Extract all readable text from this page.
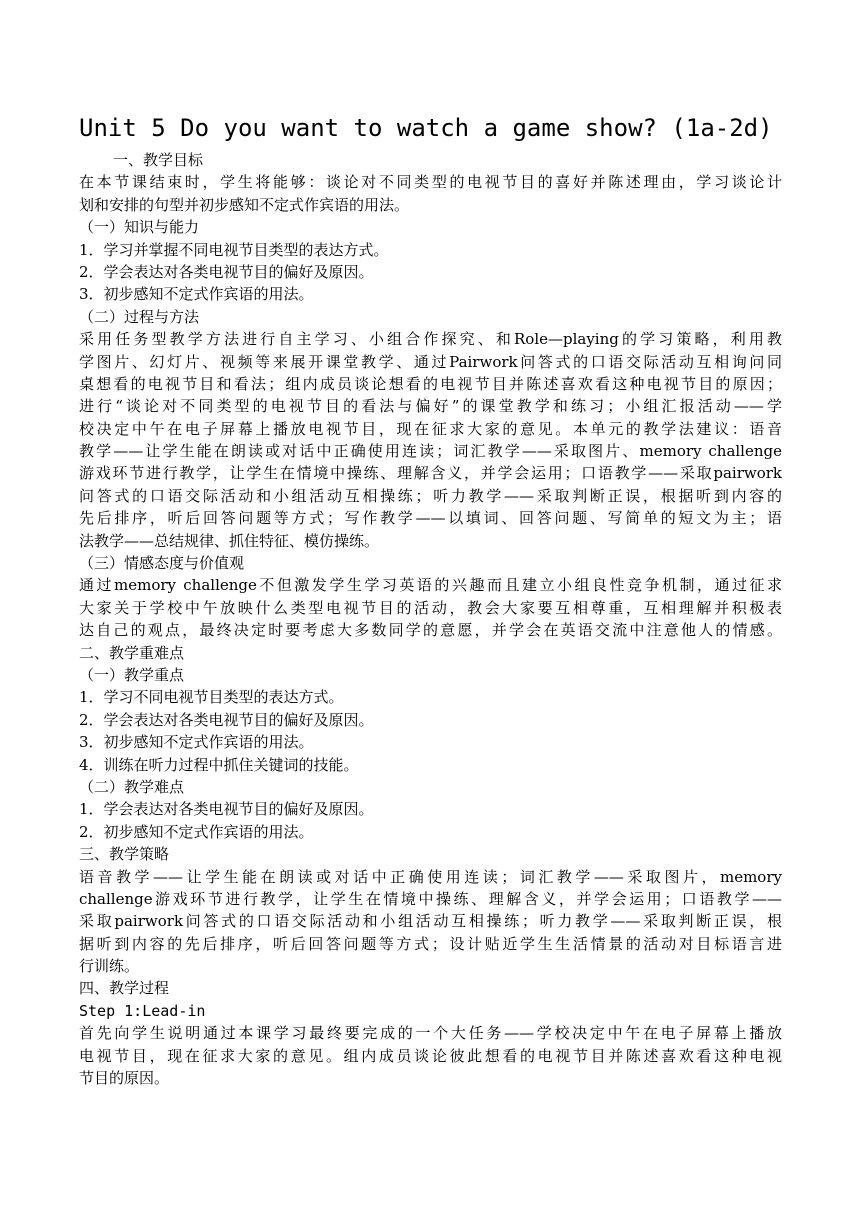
Unit 5 Do you want to watch a game show? (1a-2d)
一、教学目标
在本节课结束时，学生将能够：谈论对不同类型的电视节目的喜好并陈述理由，学习谈论计
划和安排的句型并初步感知不定式作宾语的用法。
（一）知识与能力
1．学习并掌握不同电视节目类型的表达方式。
2．学会表达对各类电视节目的偏好及原因。
3．初步感知不定式作宾语的用法。
（二）过程与方法
采用任务型教学方法进行自主学习、小组合作探究、和Role—playing的学习策略，利用教
学图片、幻灯片、视频等来展开课堂教学、通过Pairwork问答式的口语交际活动互相询问同
桌想看的电视节目和看法；组内成员谈论想看的电视节目并陈述喜欢看这种电视节目的原因；
进行“谈论对不同类型的电视节目的看法与偏好”的课堂教学和练习；小组汇报活动——学
校决定中午在电子屏幕上播放电视节目，现在征求大家的意见。本单元的教学法建议：语音
教学——让学生能在朗读或对话中正确使用连读；词汇教学——采取图片、memory challenge
游戏环节进行教学，让学生在情境中操练、理解含义，并学会运用；口语教学——采取pairwork
问答式的口语交际活动和小组活动互相操练；听力教学——采取判断正误，根据听到内容的
先后排序，听后回答问题等方式；写作教学——以填词、回答问题、写简单的短文为主；语
法教学——总结规律、抓住特征、模仿操练。
（三）情感态度与价值观
通过memory challenge不但激发学生学习英语的兴趣而且建立小组良性竞争机制，通过征求
大家关于学校中午放映什么类型电视节目的活动，教会大家要互相尊重，互相理解并积极表
达自己的观点，最终决定时要考虑大多数同学的意愿，并学会在英语交流中注意他人的情感。
二、教学重难点
（一）教学重点
1．学习不同电视节目类型的表达方式。
2．学会表达对各类电视节目的偏好及原因。
3．初步感知不定式作宾语的用法。
4．训练在听力过程中抓住关键词的技能。
（二）教学难点
1．学会表达对各类电视节目的偏好及原因。
2．初步感知不定式作宾语的用法。
三、教学策略
语音教学——让学生能在朗读或对话中正确使用连读；词汇教学——采取图片，memory
challenge游戏环节进行教学，让学生在情境中操练、理解含义，并学会运用；口语教学——
采取pairwork问答式的口语交际活动和小组活动互相操练；听力教学——采取判断正误，根
据听到内容的先后排序，听后回答问题等方式；设计贴近学生生活情景的活动对目标语言进
行训练。
四、教学过程
Step 1:Lead-in
首先向学生说明通过本课学习最终要完成的一个大任务——学校决定中午在电子屏幕上播放
电视节目，现在征求大家的意见。组内成员谈论彼此想看的电视节目并陈述喜欢看这种电视
节目的原因。
